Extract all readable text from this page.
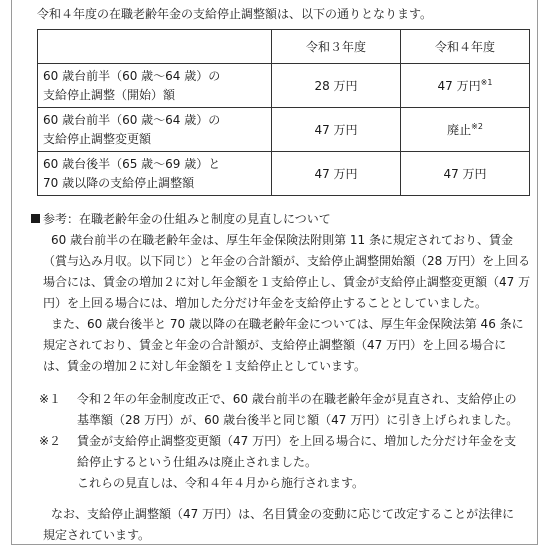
令和４年度の在職老齢年金の支給停止調整額は、以下の通りとなります。
	令和３年度	令和４年度

60 歳台前半（60 歳～64 歳）の
支給停止調整（開始）額	28 万円	47 万円$^{※1}$

60 歳台前半（60 歳～64 歳）の
支給停止調整変更額	47 万円	廃止$^{※2}$

60 歳台後半（65 歳～69 歳）と
70 歳以降の支給停止調整額	47 万円	47 万円
参考：在職老齢年金の仕組みと制度の見直しについて
60 歳台前半の在職老齢年金は、厚生年金保険法附則第 11 条に規定されており、賃金
（賞与込み月収。以下同じ）と年金の合計額が、支給停止調整開始額（28 万円）を上回る
場合には、賃金の増加２に対し年金額を１支給停止し、賃金が支給停止調整変更額（47 万
円）を上回る場合には、増加した分だけ年金を支給停止することとしていました。
また、60 歳台後半と 70 歳以降の在職老齢年金については、厚生年金保険法第 46 条に
規定されており、賃金と年金の合計額が、支給停止調整額（47 万円）を上回る場合に
は、賃金の増加２に対し年金額を１支給停止としています。
※１ 令和２年の年金制度改正で、60 歳台前半の在職老齢年金が見直され、支給停止の
基準額（28 万円）が、60 歳台後半と同じ額（47 万円）に引き上げられました。
※２ 賃金が支給停止調整変更額（47 万円）を上回る場合に、増加した分だけ年金を支
給停止するという仕組みは廃止されました。
これらの見直しは、令和４年４月から施行されます。
なお、支給停止調整額（47 万円）は、名目賃金の変動に応じて改定することが法律に
規定されています。
